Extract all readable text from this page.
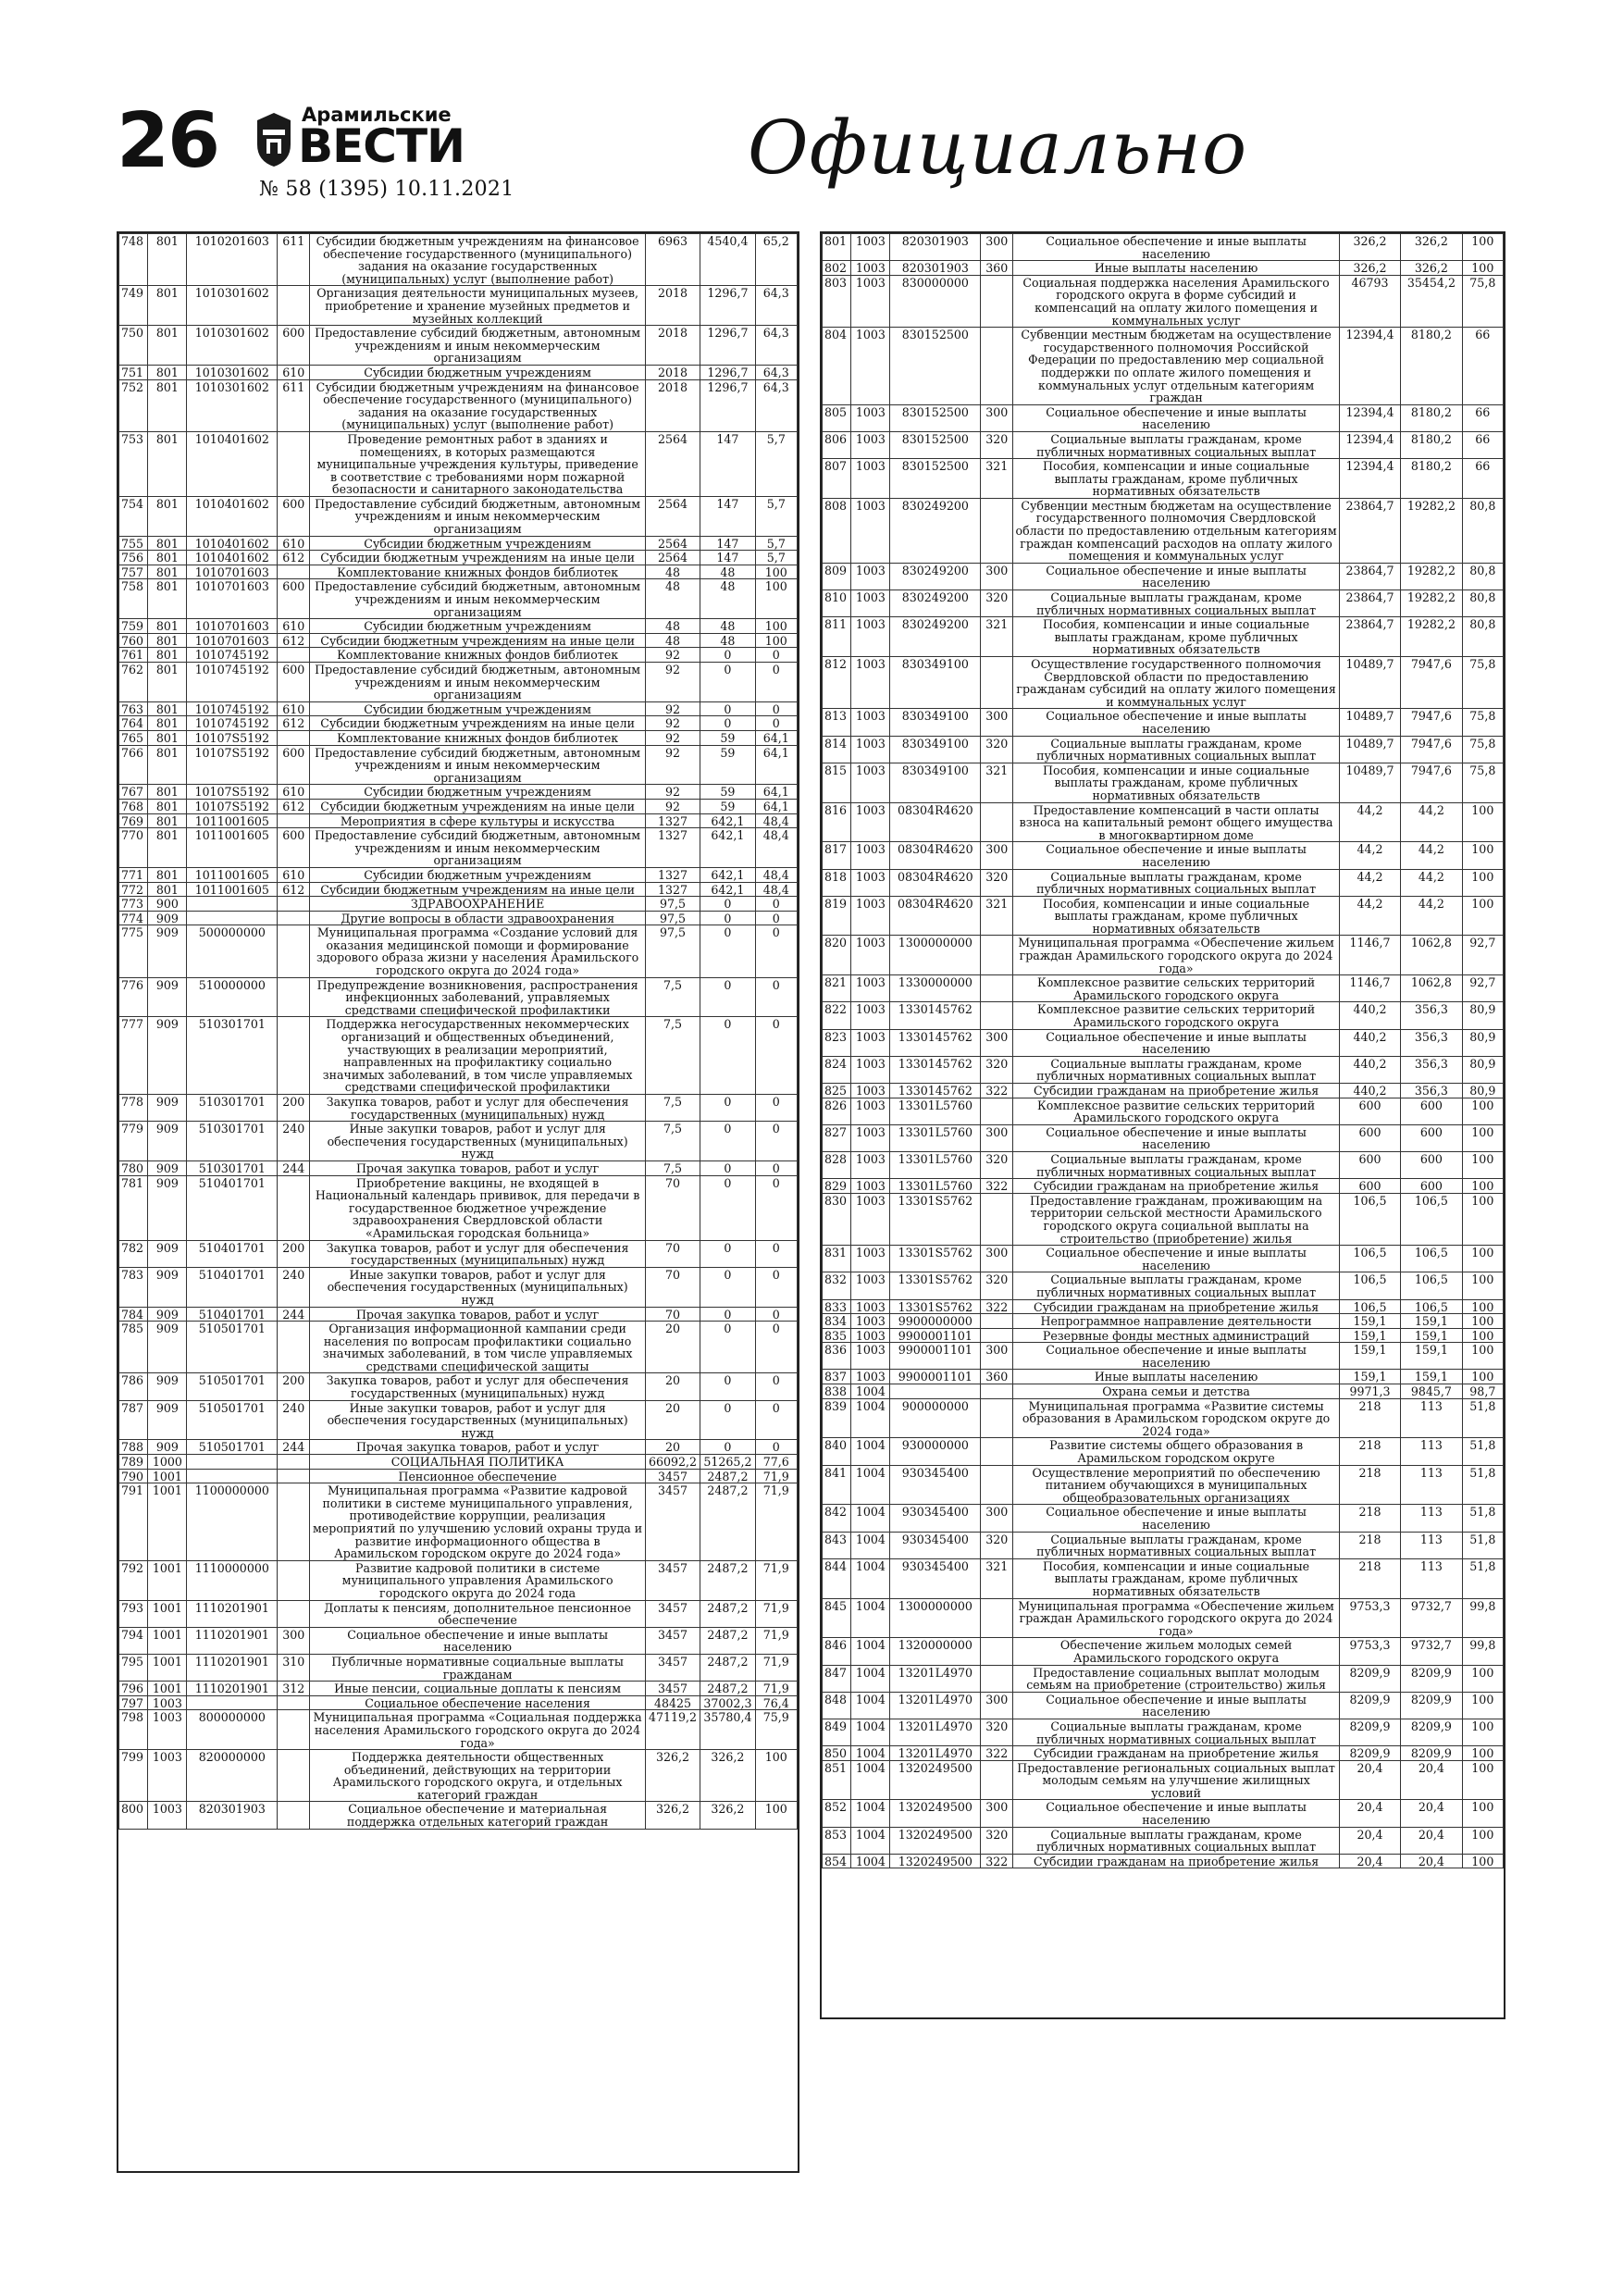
26	Арамильские
ВЕСТИ
№ 58 (1395) 10.11.2021	Официально
748	801	1010201603	611	Субсидии бюджетным учреждениям на финансовое обеспечение государственного (муниципального) задания на оказание государственных (муниципальных) услуг (выполнение работ)	6963	4540,4	65,2
749	801	1010301602		Организация деятельности муниципальных музеев, приобретение и хранение музейных предметов и музейных коллекций	2018	1296,7	64,3
750	801	1010301602	600	Предоставление субсидий бюджетным, автономным учреждениям и иным некоммерческим организациям	2018	1296,7	64,3
751	801	1010301602	610	Субсидии бюджетным учреждениям	2018	1296,7	64,3
752	801	1010301602	611	Субсидии бюджетным учреждениям на финансовое обеспечение государственного (муниципального) задания на оказание государственных (муниципальных) услуг (выполнение работ)	2018	1296,7	64,3
753	801	1010401602		Проведение ремонтных работ в зданиях и помещениях, в которых размещаются муниципальные учреждения культуры, приведение в соответствие с требованиями норм пожарной безопасности и санитарного законодательства	2564	147	5,7
754	801	1010401602	600	Предоставление субсидий бюджетным, автономным учреждениям и иным некоммерческим организациям	2564	147	5,7
755	801	1010401602	610	Субсидии бюджетным учреждениям	2564	147	5,7
756	801	1010401602	612	Субсидии бюджетным учреждениям на иные цели	2564	147	5,7
757	801	1010701603		Комплектование книжных фондов библиотек	48	48	100
758	801	1010701603	600	Предоставление субсидий бюджетным, автономным учреждениям и иным некоммерческим организациям	48	48	100
759	801	1010701603	610	Субсидии бюджетным учреждениям	48	48	100
760	801	1010701603	612	Субсидии бюджетным учреждениям на иные цели	48	48	100
761	801	1010745192		Комплектование книжных фондов библиотек	92	0	0
762	801	1010745192	600	Предоставление субсидий бюджетным, автономным учреждениям и иным некоммерческим организациям	92	0	0
763	801	1010745192	610	Субсидии бюджетным учреждениям	92	0	0
764	801	1010745192	612	Субсидии бюджетным учреждениям на иные цели	92	0	0
765	801	10107S5192		Комплектование книжных фондов библиотек	92	59	64,1
766	801	10107S5192	600	Предоставление субсидий бюджетным, автономным учреждениям и иным некоммерческим организациям	92	59	64,1
767	801	10107S5192	610	Субсидии бюджетным учреждениям	92	59	64,1
768	801	10107S5192	612	Субсидии бюджетным учреждениям на иные цели	92	59	64,1
769	801	1011001605		Мероприятия в сфере культуры и искусства	1327	642,1	48,4
770	801	1011001605	600	Предоставление субсидий бюджетным, автономным учреждениям и иным некоммерческим организациям	1327	642,1	48,4
771	801	1011001605	610	Субсидии бюджетным учреждениям	1327	642,1	48,4
772	801	1011001605	612	Субсидии бюджетным учреждениям на иные цели	1327	642,1	48,4
773	900			ЗДРАВООХРАНЕНИЕ	97,5	0	0
774	909			Другие вопросы в области здравоохранения	97,5	0	0
775	909	500000000		Муниципальная программа «Создание условий для оказания медицинской помощи и формирование здорового образа жизни у населения Арамильского городского округа до 2024 года»	97,5	0	0
776	909	510000000		Предупреждение возникновения, распространения инфекционных заболеваний, управляемых средствами специфической профилактики	7,5	0	0
777	909	510301701		Поддержка негосударственных некоммерческих организаций и общественных объединений, участвующих в реализации мероприятий, направленных на профилактику социально значимых заболеваний, в том числе управляемых средствами специфической профилактики	7,5	0	0
778	909	510301701	200	Закупка товаров, работ и услуг для обеспечения государственных (муниципальных) нужд	7,5	0	0
779	909	510301701	240	Иные закупки товаров, работ и услуг для обеспечения государственных (муниципальных) нужд	7,5	0	0
780	909	510301701	244	Прочая закупка товаров, работ и услуг	7,5	0	0
781	909	510401701		Приобретение вакцины, не входящей в Национальный календарь прививок, для передачи в государственное бюджетное учреждение здравоохранения Свердловской области «Арамильская городская больница»	70	0	0
782	909	510401701	200	Закупка товаров, работ и услуг для обеспечения государственных (муниципальных) нужд	70	0	0
783	909	510401701	240	Иные закупки товаров, работ и услуг для обеспечения государственных (муниципальных) нужд	70	0	0
784	909	510401701	244	Прочая закупка товаров, работ и услуг	70	0	0
785	909	510501701		Организация информационной кампании среди населения по вопросам профилактики социально значимых заболеваний, в том числе управляемых средствами специфической защиты	20	0	0
786	909	510501701	200	Закупка товаров, работ и услуг для обеспечения государственных (муниципальных) нужд	20	0	0
787	909	510501701	240	Иные закупки товаров, работ и услуг для обеспечения государственных (муниципальных) нужд	20	0	0
788	909	510501701	244	Прочая закупка товаров, работ и услуг	20	0	0
789	1000			СОЦИАЛЬНАЯ ПОЛИТИКА	66092,2	51265,2	77,6
790	1001			Пенсионное обеспечение	3457	2487,2	71,9
791	1001	1100000000		Муниципальная программа «Развитие кадровой политики в системе муниципального управления, противодействие коррупции, реализация мероприятий по улучшению условий охраны труда и развитие информационного общества в Арамильском городском округе до 2024 года»	3457	2487,2	71,9
792	1001	1110000000		Развитие кадровой политики в системе муниципального управления Арамильского городского округа до 2024 года	3457	2487,2	71,9
793	1001	1110201901		Доплаты к пенсиям, дополнительное пенсионное обеспечение	3457	2487,2	71,9
794	1001	1110201901	300	Социальное обеспечение и иные выплаты населению	3457	2487,2	71,9
795	1001	1110201901	310	Публичные нормативные социальные выплаты гражданам	3457	2487,2	71,9
796	1001	1110201901	312	Иные пенсии, социальные доплаты к пенсиям	3457	2487,2	71,9
797	1003			Социальное обеспечение населения	48425	37002,3	76,4
798	1003	800000000		Муниципальная программа «Социальная поддержка населения Арамильского городского округа до 2024 года»	47119,2	35780,4	75,9
799	1003	820000000		Поддержка деятельности общественных объединений, действующих на территории Арамильского городского округа, и отдельных категорий граждан	326,2	326,2	100
800	1003	820301903		Социальное обеспечение и материальная поддержка отдельных категорий граждан	326,2	326,2	100
801	1003	820301903	300	Социальное обеспечение и иные выплаты населению	326,2	326,2	100
802	1003	820301903	360	Иные выплаты населению	326,2	326,2	100
803	1003	830000000		Социальная поддержка населения Арамильского городского округа в форме субсидий и компенсаций на оплату жилого помещения и коммунальных услуг	46793	35454,2	75,8
804	1003	830152500		Субвенции местным бюджетам на осуществление государственного полномочия Российской Федерации по предоставлению мер социальной поддержки по оплате жилого помещения и коммунальных услуг отдельным категориям граждан	12394,4	8180,2	66
805	1003	830152500	300	Социальное обеспечение и иные выплаты населению	12394,4	8180,2	66
806	1003	830152500	320	Социальные выплаты гражданам, кроме публичных нормативных социальных выплат	12394,4	8180,2	66
807	1003	830152500	321	Пособия, компенсации и иные социальные выплаты гражданам, кроме публичных нормативных обязательств	12394,4	8180,2	66
808	1003	830249200		Субвенции местным бюджетам на осуществление государственного полномочия Свердловской области по предоставлению отдельным категориям граждан компенсаций расходов на оплату жилого помещения и коммунальных услуг	23864,7	19282,2	80,8
809	1003	830249200	300	Социальное обеспечение и иные выплаты населению	23864,7	19282,2	80,8
810	1003	830249200	320	Социальные выплаты гражданам, кроме публичных нормативных социальных выплат	23864,7	19282,2	80,8
811	1003	830249200	321	Пособия, компенсации и иные социальные выплаты гражданам, кроме публичных нормативных обязательств	23864,7	19282,2	80,8
812	1003	830349100		Осуществление государственного полномочия Свердловской области по предоставлению гражданам субсидий на оплату жилого помещения и коммунальных услуг	10489,7	7947,6	75,8
813	1003	830349100	300	Социальное обеспечение и иные выплаты населению	10489,7	7947,6	75,8
814	1003	830349100	320	Социальные выплаты гражданам, кроме публичных нормативных социальных выплат	10489,7	7947,6	75,8
815	1003	830349100	321	Пособия, компенсации и иные социальные выплаты гражданам, кроме публичных нормативных обязательств	10489,7	7947,6	75,8
816	1003	08304R4620		Предоставление компенсаций в части оплаты взноса на капитальный ремонт общего имущества в многоквартирном доме	44,2	44,2	100
817	1003	08304R4620	300	Социальное обеспечение и иные выплаты населению	44,2	44,2	100
818	1003	08304R4620	320	Социальные выплаты гражданам, кроме публичных нормативных социальных выплат	44,2	44,2	100
819	1003	08304R4620	321	Пособия, компенсации и иные социальные выплаты гражданам, кроме публичных нормативных обязательств	44,2	44,2	100
820	1003	1300000000		Муниципальная программа «Обеспечение жильем граждан Арамильского городского округа до 2024 года»	1146,7	1062,8	92,7
821	1003	1330000000		Комплексное развитие сельских территорий Арамильского городского округа	1146,7	1062,8	92,7
822	1003	1330145762		Комплексное развитие сельских территорий Арамильского городского округа	440,2	356,3	80,9
823	1003	1330145762	300	Социальное обеспечение и иные выплаты населению	440,2	356,3	80,9
824	1003	1330145762	320	Социальные выплаты гражданам, кроме публичных нормативных социальных выплат	440,2	356,3	80,9
825	1003	1330145762	322	Субсидии гражданам на приобретение жилья	440,2	356,3	80,9
826	1003	13301L5760		Комплексное развитие сельских территорий Арамильского городского округа	600	600	100
827	1003	13301L5760	300	Социальное обеспечение и иные выплаты населению	600	600	100
828	1003	13301L5760	320	Социальные выплаты гражданам, кроме публичных нормативных социальных выплат	600	600	100
829	1003	13301L5760	322	Субсидии гражданам на приобретение жилья	600	600	100
830	1003	13301S5762		Предоставление гражданам, проживающим на территории сельской местности Арамильского городского округа социальной выплаты на строительство (приобретение) жилья	106,5	106,5	100
831	1003	13301S5762	300	Социальное обеспечение и иные выплаты населению	106,5	106,5	100
832	1003	13301S5762	320	Социальные выплаты гражданам, кроме публичных нормативных социальных выплат	106,5	106,5	100
833	1003	13301S5762	322	Субсидии гражданам на приобретение жилья	106,5	106,5	100
834	1003	9900000000		Непрограммное направление деятельности	159,1	159,1	100
835	1003	9900001101		Резервные фонды местных администраций	159,1	159,1	100
836	1003	9900001101	300	Социальное обеспечение и иные выплаты населению	159,1	159,1	100
837	1003	9900001101	360	Иные выплаты населению	159,1	159,1	100
838	1004			Охрана семьи и детства	9971,3	9845,7	98,7
839	1004	900000000		Муниципальная программа «Развитие системы образования в Арамильском городском округе до 2024 года»	218	113	51,8
840	1004	930000000		Развитие системы общего образования в Арамильском городском округе	218	113	51,8
841	1004	930345400		Осуществление мероприятий по обеспечению питанием обучающихся в муниципальных общеобразовательных организациях	218	113	51,8
842	1004	930345400	300	Социальное обеспечение и иные выплаты населению	218	113	51,8
843	1004	930345400	320	Социальные выплаты гражданам, кроме публичных нормативных социальных выплат	218	113	51,8
844	1004	930345400	321	Пособия, компенсации и иные социальные выплаты гражданам, кроме публичных нормативных обязательств	218	113	51,8
845	1004	1300000000		Муниципальная программа «Обеспечение жильем граждан Арамильского городского округа до 2024 года»	9753,3	9732,7	99,8
846	1004	1320000000		Обеспечение жильем молодых семей Арамильского городского округа	9753,3	9732,7	99,8
847	1004	13201L4970		Предоставление социальных выплат молодым семьям на приобретение (строительство) жилья	8209,9	8209,9	100
848	1004	13201L4970	300	Социальное обеспечение и иные выплаты населению	8209,9	8209,9	100
849	1004	13201L4970	320	Социальные выплаты гражданам, кроме публичных нормативных социальных выплат	8209,9	8209,9	100
850	1004	13201L4970	322	Субсидии гражданам на приобретение жилья	8209,9	8209,9	100
851	1004	1320249500		Предоставление региональных социальных выплат молодым семьям на улучшение жилищных условий	20,4	20,4	100
852	1004	1320249500	300	Социальное обеспечение и иные выплаты населению	20,4	20,4	100
853	1004	1320249500	320	Социальные выплаты гражданам, кроме публичных нормативных социальных выплат	20,4	20,4	100
854	1004	1320249500	322	Субсидии гражданам на приобретение жилья	20,4	20,4	100
